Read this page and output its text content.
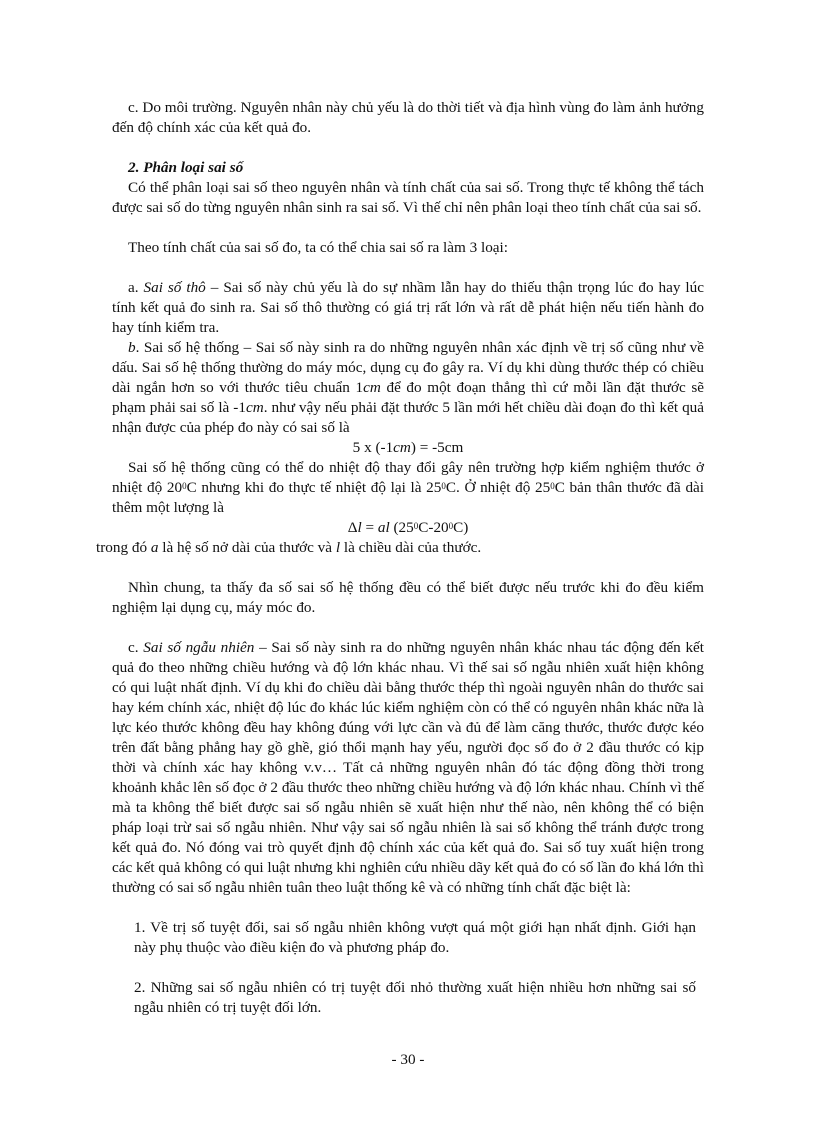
c. Do môi trường. Nguyên nhân này chủ yếu là do thời tiết và địa hình vùng đo làm ảnh hưởng đến độ chính xác của kết quả đo.

2. Phân loại sai số

Có thể phân loại sai số theo nguyên nhân và tính chất của sai số. Trong thực tế không thể tách được sai số do từng nguyên nhân sinh ra sai số. Vì thế chỉ nên phân loại theo tính chất của sai số.

Theo tính chất của sai số đo, ta có thể chia sai số ra làm 3 loại:

a. Sai số thô – Sai số này chủ yếu là do sự nhầm lẫn hay do thiếu thận trọng lúc đo hay lúc tính kết quả đo sinh ra. Sai số thô thường có giá trị rất lớn và rất dễ phát hiện nếu tiến hành đo hay tính kiểm tra.

b. Sai số hệ thống – Sai số này sinh ra do những nguyên nhân xác định về trị số cũng như về dấu. Sai số hệ thống thường do máy móc, dụng cụ đo gây ra. Ví dụ khi dùng thước thép có chiều dài ngắn hơn so với thước tiêu chuẩn 1cm để đo một đoạn thẳng thì cứ mỗi lần đặt thước sẽ phạm phải sai số là -1cm. như vậy nếu phải đặt thước 5 lần mới hết chiều dài đoạn đo thì kết quả nhận được của phép đo này có sai số là

5 x (-1cm) = -5cm

Sai số hệ thống cũng có thể do nhiệt độ thay đổi gây nên trường hợp kiểm nghiệm thước ở nhiệt độ $20^0C$ nhưng khi đo thực tế nhiệt độ lại là $25^0C$. Ở nhiệt độ $25^0C$ bản thân thước đã dài thêm một lượng là

Δl = al $(25^0C-20^0C)$

trong đó a là hệ số nở dài của thước và l là chiều dài của thước.

Nhìn chung, ta thấy đa số sai số hệ thống đều có thể biết được nếu trước khi đo đều kiểm nghiệm lại dụng cụ, máy móc đo.

c. Sai số ngẫu nhiên – Sai số này sinh ra do những nguyên nhân khác nhau tác động đến kết quả đo theo những chiều hướng và độ lớn khác nhau. Vì thế sai số ngẫu nhiên xuất hiện không có qui luật nhất định. Ví dụ khi đo chiều dài bằng thước thép thì ngoài nguyên nhân do thước sai hay kém chính xác, nhiệt độ lúc đo khác lúc kiểm nghiệm còn có thể có nguyên nhân khác nữa là lực kéo thước không đều hay không đúng với lực cần và đủ để làm căng thước, thước được kéo trên đất bằng phẳng hay gồ ghề, gió thổi mạnh hay yếu, người đọc số đo ở 2 đầu thước có kịp thời và chính xác hay không v.v… Tất cả những nguyên nhân đó tác động đồng thời trong khoảnh khắc lên số đọc ở 2 đầu thước theo những chiều hướng và độ lớn khác nhau. Chính vì thế mà ta không thể biết được sai số ngẫu nhiên sẽ xuất hiện như thế nào, nên không thể có biện pháp loại trừ sai số ngẫu nhiên. Như vậy sai số ngẫu nhiên là sai số không thể tránh được trong kết quả đo. Nó đóng vai trò quyết định độ chính xác của kết quả đo. Sai số tuy xuất hiện trong các kết quả không có qui luật nhưng khi nghiên cứu nhiều dãy kết quả đo có số lần đo khá lớn thì thường có sai số ngẫu nhiên tuân theo luật thống kê và có những tính chất đặc biệt là:

1. Về trị số tuyệt đối, sai số ngẫu nhiên không vượt quá một giới hạn nhất định. Giới hạn này phụ thuộc vào điều kiện đo và phương pháp đo.

2. Những sai số ngẫu nhiên có trị tuyệt đối nhỏ thường xuất hiện nhiều hơn những sai số ngẫu nhiên có trị tuyệt đối lớn.

- 30 -
